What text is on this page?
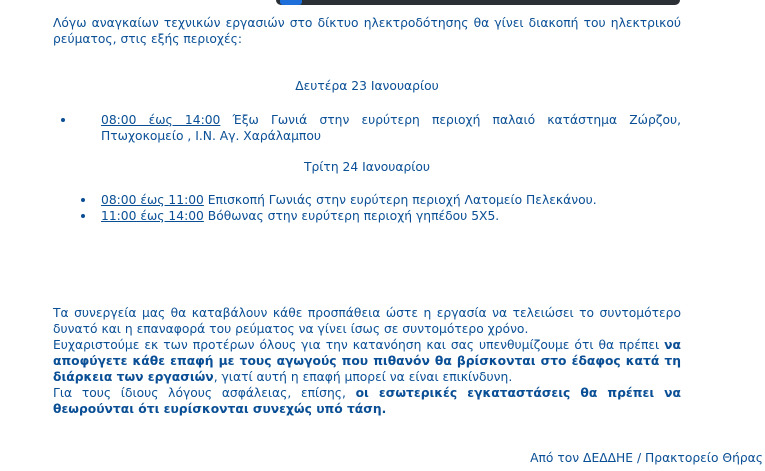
Λόγω αναγκαίων τεχνικών εργασιών στο δίκτυο ηλεκτροδότησης θα γίνει διακοπή του ηλεκτρικού ρεύματος, στις εξής περιοχές:

Δευτέρα 23 Ιανουαρίου
08:00 έως 14:00 Έξω Γωνιά στην ευρύτερη περιοχή παλαιό κατάστημα Ζώρζου, Πτωχοκομείο , Ι.Ν. Αγ. Χαράλαμπου
Τρίτη 24 Ιανουαρίου
08:00 έως 11:00 Επισκοπή Γωνιάς στην ευρύτερη περιοχή Λατομείο Πελεκάνου.
11:00 έως 14:00 Βόθωνας στην ευρύτερη περιοχή γηπέδου 5Χ5.

Τα συνεργεία μας θα καταβάλουν κάθε προσπάθεια ώστε η εργασία να τελειώσει το συντομότερο δυνατό και η επαναφορά του ρεύματος να γίνει ίσως σε συντομότερο χρόνο.

Ευχαριστούμε εκ των προτέρων όλους για την κατανόηση και σας υπενθυμίζουμε ότι θα πρέπει να αποφύγετε κάθε επαφή με τους αγωγούς που πιθανόν θα βρίσκονται στο έδαφος κατά τη διάρκεια των εργασιών, γιατί αυτή η επαφή μπορεί να είναι επικίνδυνη.

Για τους ίδιους λόγους ασφάλειας, επίσης, οι εσωτερικές εγκαταστάσεις θα πρέπει να θεωρούνται ότι ευρίσκονται συνεχώς υπό τάση.

Από τον ΔΕΔΔΗΕ / Πρακτορείο Θήρας
